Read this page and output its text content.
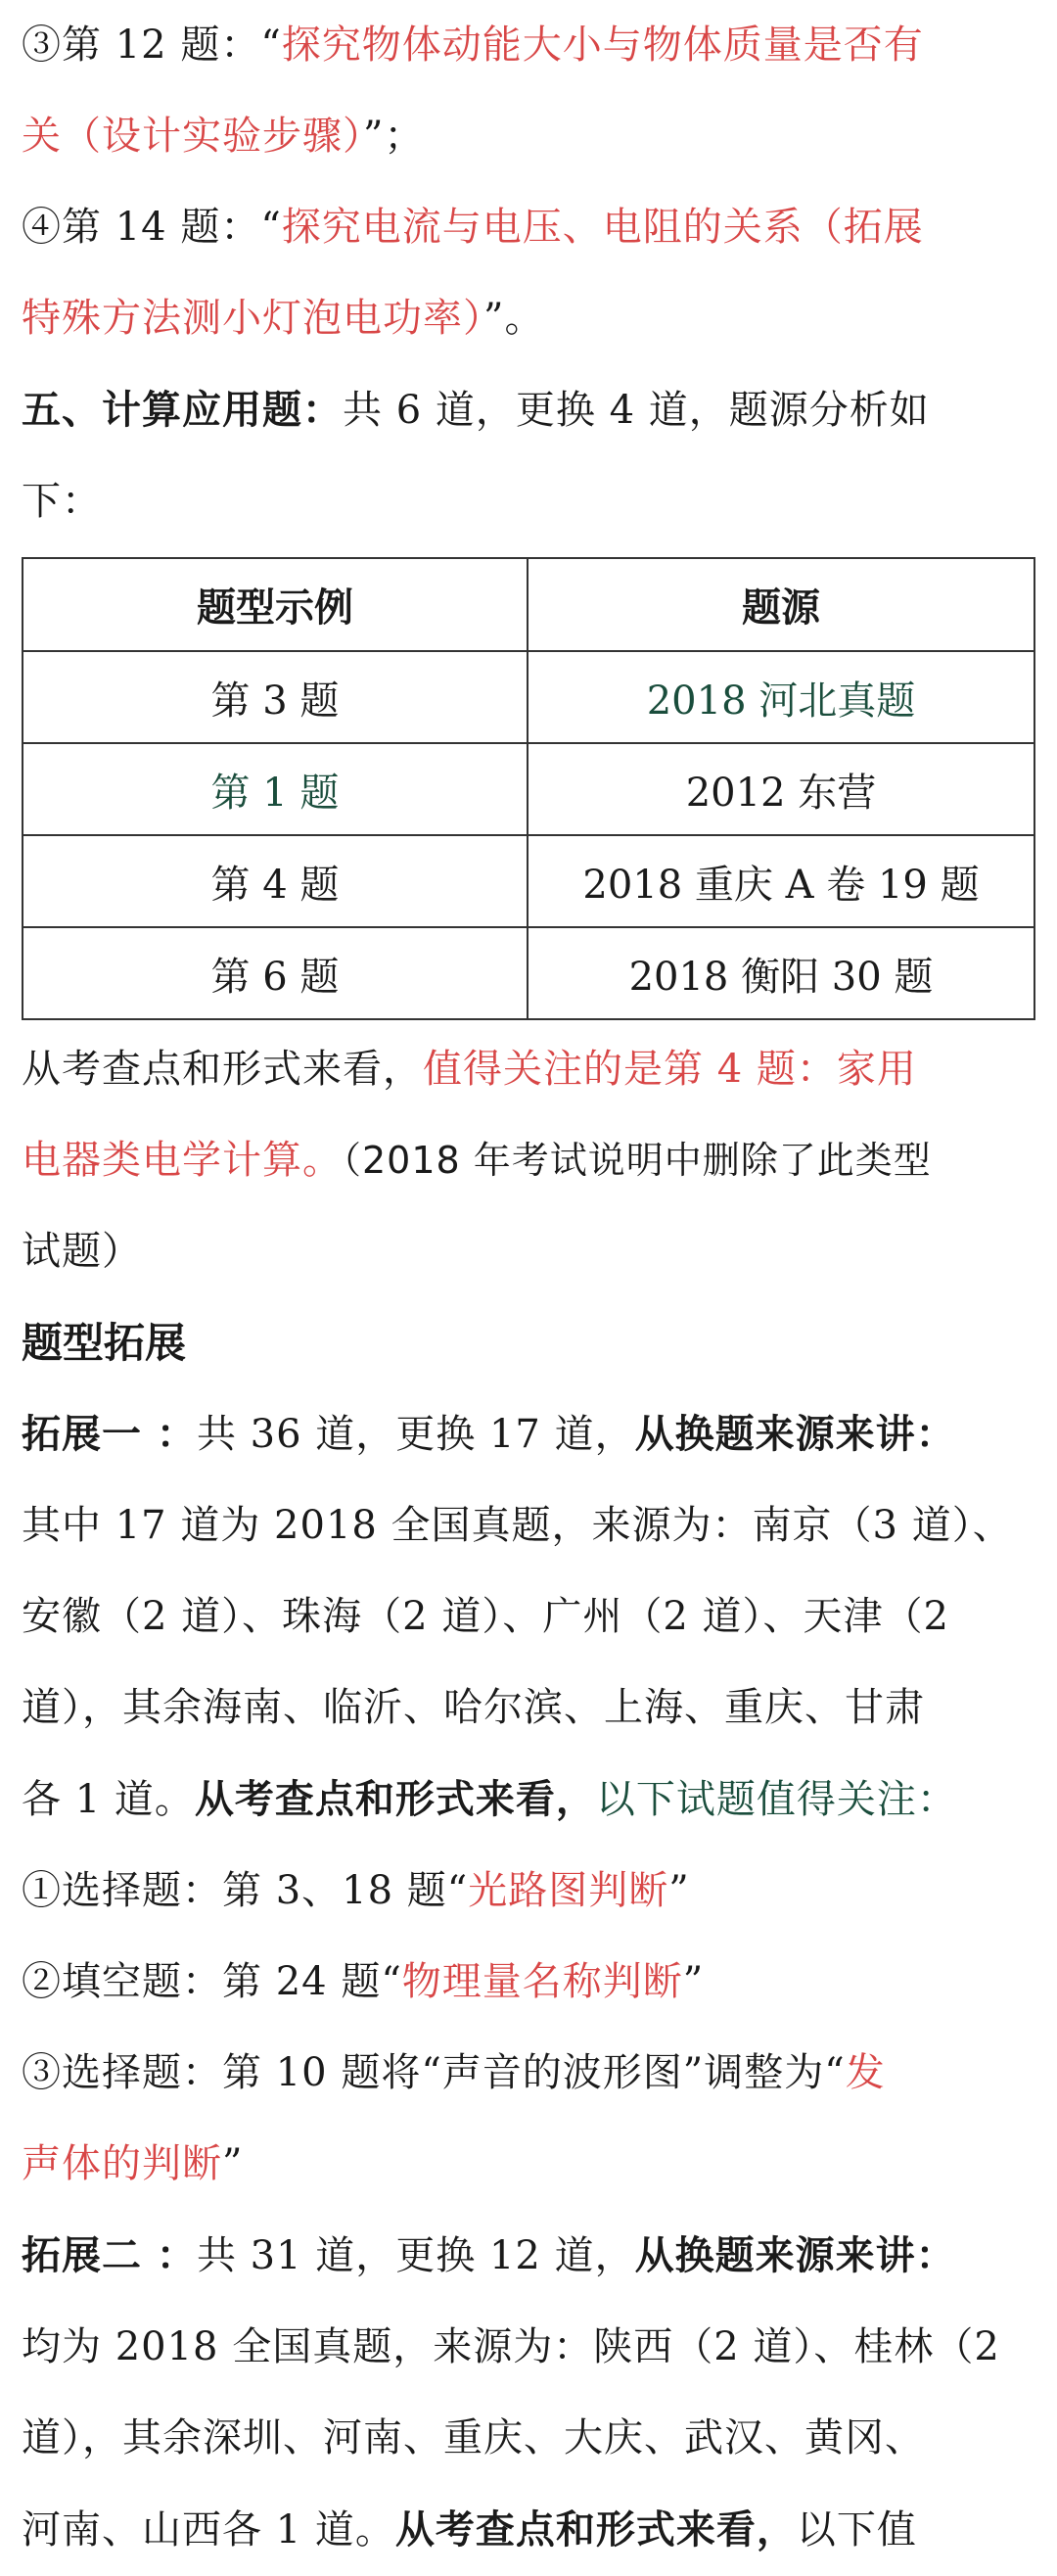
③第 12 题：“探究物体动能大小与物体质量是否有

关（设计实验步骤）”；

④第 14 题：“探究电流与电压、电阻的关系（拓展

特殊方法测小灯泡电功率）”。

五、计算应用题：共 6 道，更换 4 道，题源分析如

下：

题型示例	题源
第 3 题	2018 河北真题
第 1 题	2012 东营
第 4 题	2018 重庆 A 卷 19 题
第 6 题	2018 衡阳 30 题

从考查点和形式来看，值得关注的是第 4 题：家用

电器类电学计算。（2018 年考试说明中删除了此类型

试题）

题型拓展

拓展一 ：共 36 道，更换 17 道，从换题来源来讲：

其中 17 道为 2018 全国真题，来源为：南京（3 道）、

安徽（2 道）、珠海（2 道）、广州（2 道）、天津（2

道），其余海南、临沂、哈尔滨、上海、重庆、甘肃

各 1 道。从考查点和形式来看，以下试题值得关注：

①选择题：第 3、18 题“光路图判断”

②填空题：第 24 题“物理量名称判断”

③选择题：第 10 题将“声音的波形图”调整为“发

声体的判断”

拓展二 ：共 31 道，更换 12 道，从换题来源来讲：

均为 2018 全国真题，来源为：陕西（2 道）、桂林（2

道），其余深圳、河南、重庆、大庆、武汉、黄冈、

河南、山西各 1 道。从考查点和形式来看，以下值
